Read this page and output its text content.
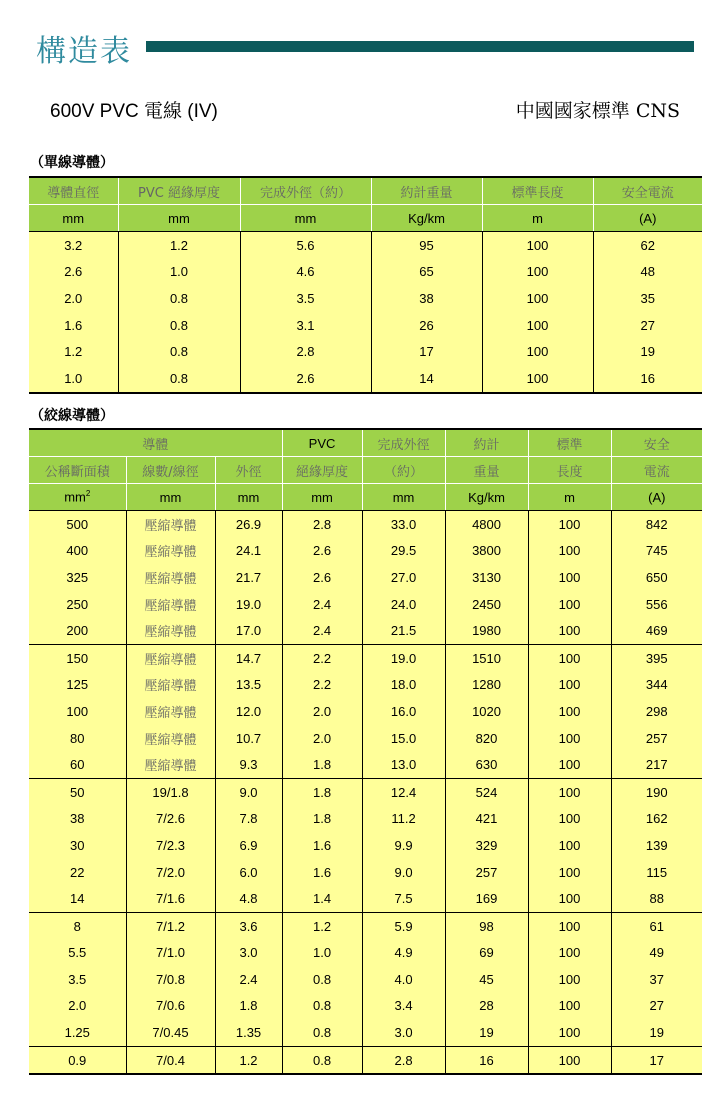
構造表
600V PVC 電線 (IV)	中國國家標準 CNS
（單線導體）
導體直徑	PVC 絕緣厚度	完成外徑（約）	約計重量	標準長度	安全電流
mm	mm	mm	Kg/km	m	(A)
3.2	1.2	5.6	95	100	62
2.6	1.0	4.6	65	100	48
2.0	0.8	3.5	38	100	35
1.6	0.8	3.1	26	100	27
1.2	0.8	2.8	17	100	19
1.0	0.8	2.6	14	100	16
（絞線導體）
導體			PVC	完成外徑	約計	標準	安全
公稱斷面積	線數/線徑	外徑	絕緣厚度	（約）	重量	長度	電流
$mm^2$	mm	mm	mm	mm	Kg/km	m	(A)
500	壓縮導體	26.9	2.8	33.0	4800	100	842
400	壓縮導體	24.1	2.6	29.5	3800	100	745
325	壓縮導體	21.7	2.6	27.0	3130	100	650
250	壓縮導體	19.0	2.4	24.0	2450	100	556
200	壓縮導體	17.0	2.4	21.5	1980	100	469
150	壓縮導體	14.7	2.2	19.0	1510	100	395
125	壓縮導體	13.5	2.2	18.0	1280	100	344
100	壓縮導體	12.0	2.0	16.0	1020	100	298
80	壓縮導體	10.7	2.0	15.0	820	100	257
60	壓縮導體	9.3	1.8	13.0	630	100	217
50	19/1.8	9.0	1.8	12.4	524	100	190
38	7/2.6	7.8	1.8	11.2	421	100	162
30	7/2.3	6.9	1.6	9.9	329	100	139
22	7/2.0	6.0	1.6	9.0	257	100	115
14	7/1.6	4.8	1.4	7.5	169	100	88
8	7/1.2	3.6	1.2	5.9	98	100	61
5.5	7/1.0	3.0	1.0	4.9	69	100	49
3.5	7/0.8	2.4	0.8	4.0	45	100	37
2.0	7/0.6	1.8	0.8	3.4	28	100	27
1.25	7/0.45	1.35	0.8	3.0	19	100	19
0.9	7/0.4	1.2	0.8	2.8	16	100	17
